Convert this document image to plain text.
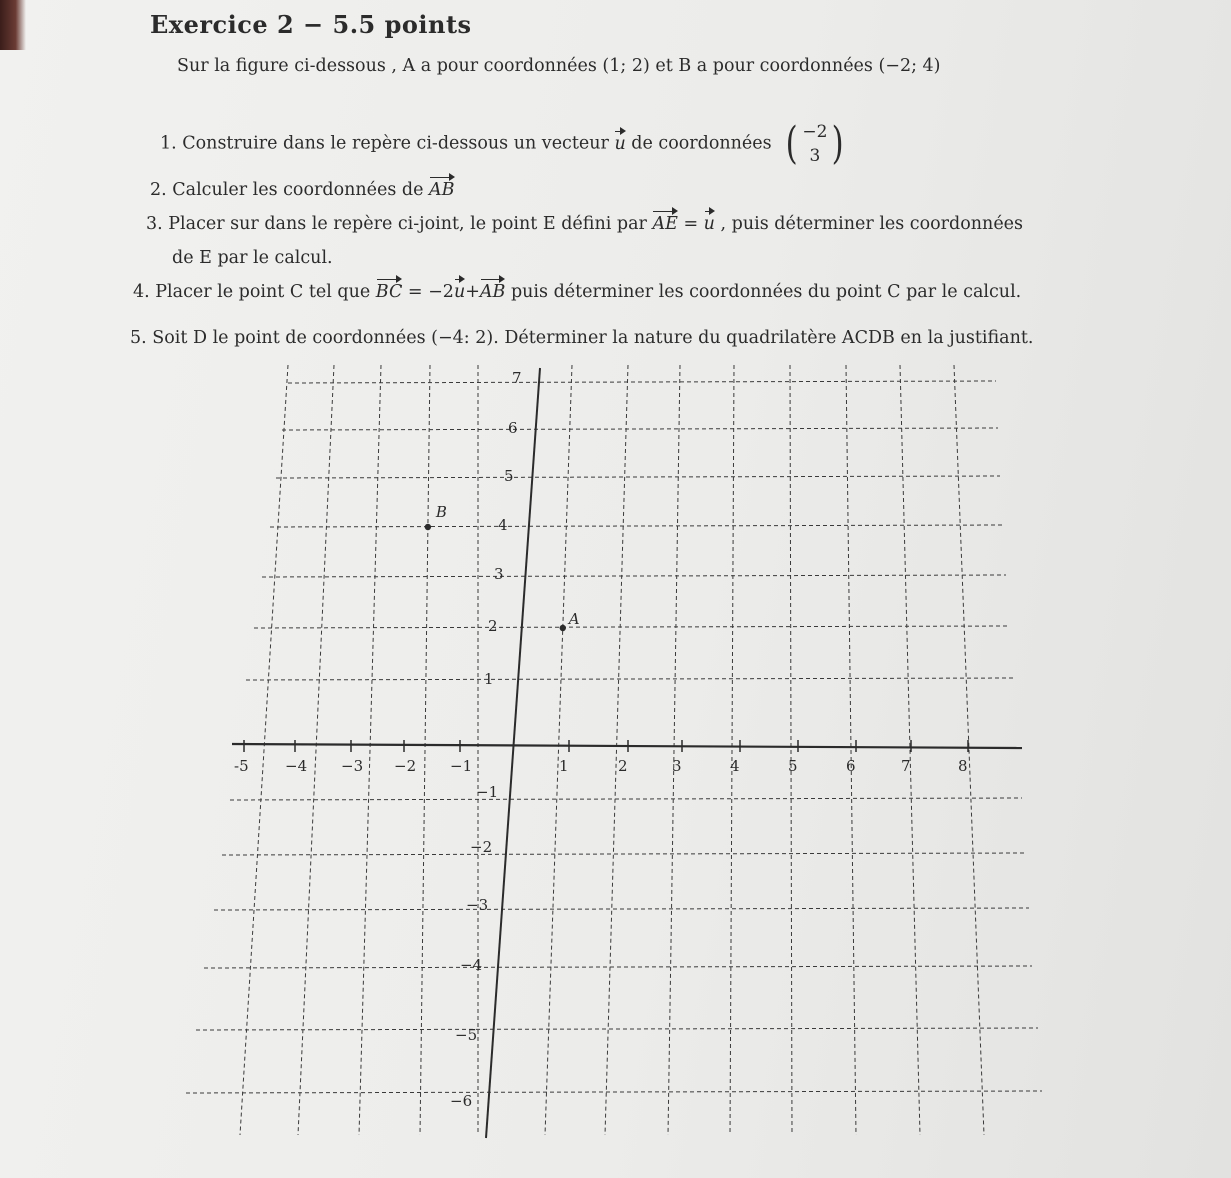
Exercice 2 − 5.5 points
Sur la figure ci-dessous , A a pour coordonnées (1; 2) et B a pour coordonnées (−2; 4)
1. Construire dans le repère ci-dessous un vecteur u de coordonnées ( −2
3 )
2. Calculer les coordonnées de AB
3. Placer sur dans le repère ci-joint, le point E défini par AE = u , puis déterminer les coordonnées
de E par le calcul.
4. Placer le point C tel que BC = −2u+AB puis déterminer les coordonnées du point C par le calcul.
5. Soit D le point de coordonnées (−4: 2). Déterminer la nature du quadrilatère ACDB en la justifiant.
-5 −4 −3 −2 −1	1	2	3	4	5	6	7	8
7
6
5
4
3
2
1
−1
−2
−3
−4
−5
−6
A
B
